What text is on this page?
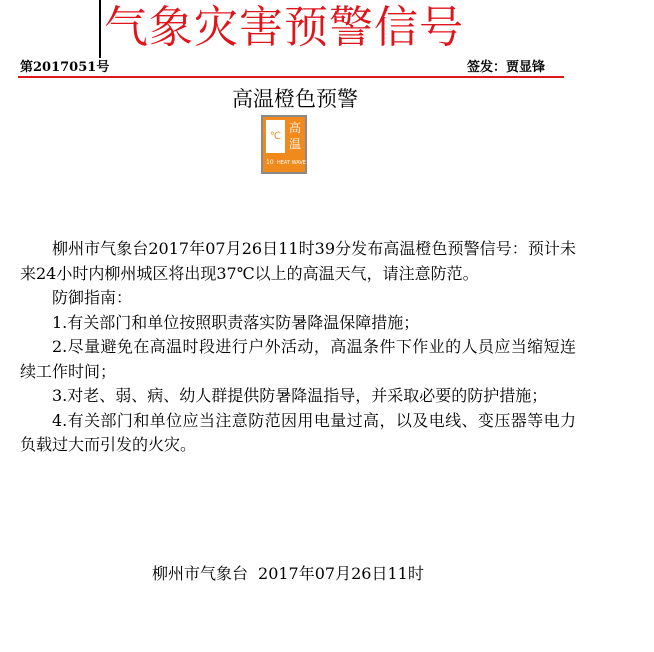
气象灾害预警信号
第2017051号	签发：贾显锋
高温橙色预警
℃
高温
10 HEAT WAVE

柳州市气象台2017年07月26日11时39分发布高温橙色预警信号：预计未来24小时内柳州城区将出现37℃以上的高温天气，请注意防范。

防御指南：

1.有关部门和单位按照职责落实防暑降温保障措施；

2.尽量避免在高温时段进行户外活动，高温条件下作业的人员应当缩短连续工作时间；

3.对老、弱、病、幼人群提供防暑降温指导，并采取必要的防护措施；

4.有关部门和单位应当注意防范因用电量过高，以及电线、变压器等电力负载过大而引发的火灾。

柳州市气象台 2017年07月26日11时
